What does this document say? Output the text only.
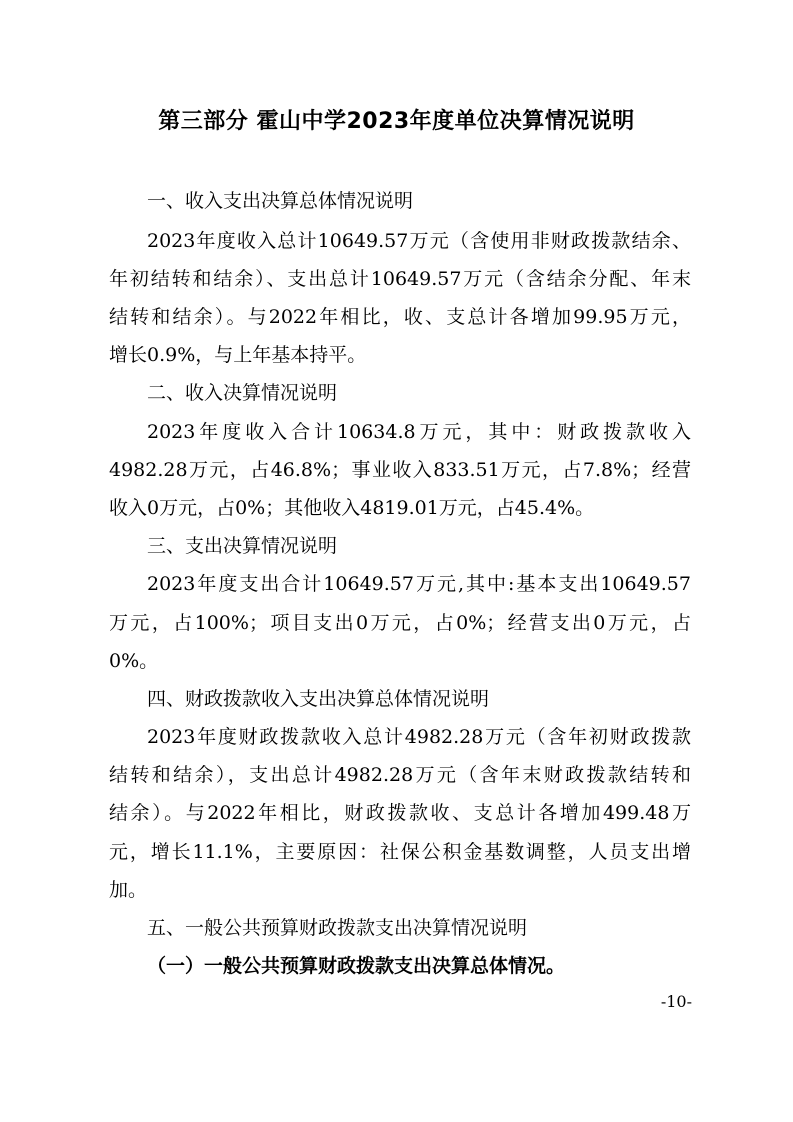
第三部分 霍山中学2023年度单位决算情况说明
一、收入支出决算总体情况说明
2023年度收入总计10649.57万元（含使用非财政拨款结余、
年初结转和结余）、支出总计10649.57万元（含结余分配、年末
结转和结余）。与2022年相比，收、支总计各增加99.95万元，
增长0.9%，与上年基本持平。
二、收入决算情况说明
2023年度收入合计10634.8万元，其中：财政拨款收入
4982.28万元，占46.8%；事业收入833.51万元，占7.8%；经营
收入0万元，占0%；其他收入4819.01万元，占45.4%。
三、支出决算情况说明
2023年度支出合计10649.57万元,其中:基本支出10649.57
万元，占100%；项目支出0万元，占0%；经营支出0万元，占
0%。
四、财政拨款收入支出决算总体情况说明
2023年度财政拨款收入总计4982.28万元（含年初财政拨款
结转和结余），支出总计4982.28万元（含年末财政拨款结转和
结余）。与2022年相比，财政拨款收、支总计各增加499.48万
元，增长11.1%，主要原因：社保公积金基数调整，人员支出增
加。
五、一般公共预算财政拨款支出决算情况说明
（一）一般公共预算财政拨款支出决算总体情况。
-10-
